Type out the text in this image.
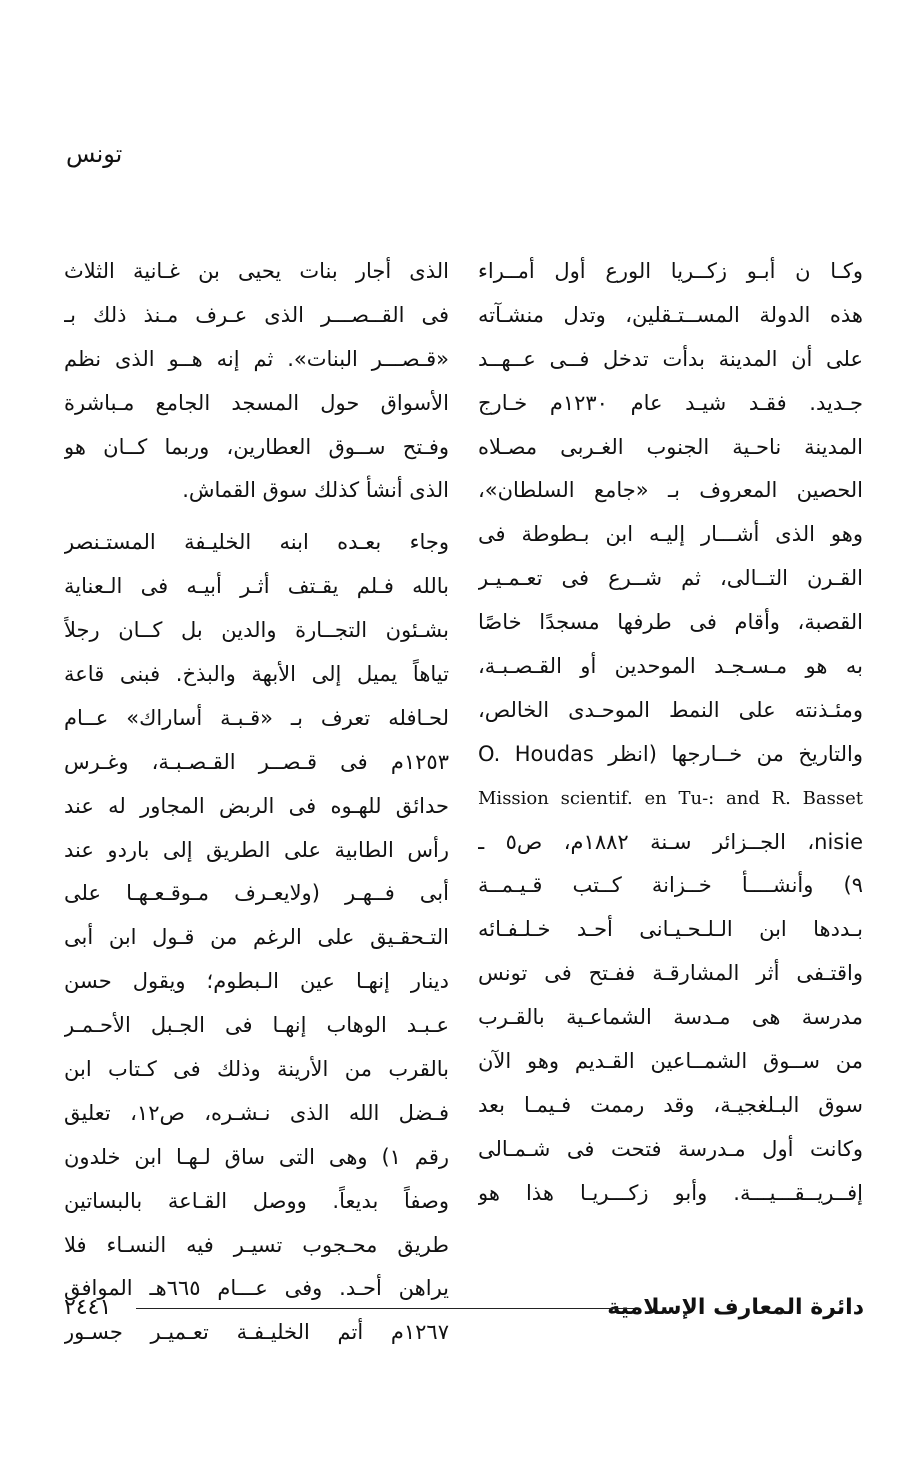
تونس
وكـا ن أبـو زكــريا الورع أول أمــراء
هذه الدولة المســتـقلين، وتدل منشـآته
على أن المدينة بدأت تدخل فــى عــهــد
جـديد. فقـد شيـد عام ١٢٣٠م خـارج
المدينة ناحـية الجنوب الغـربى مصـلاه
الحصين المعروف بـ «جامع السلطان»،
وهو الذى أشـــار إليـه ابن بـطوطة فى
القـرن التــالى، ثم شــرع فى تعـمـيـر
القصبة، وأقام فى طرفها مسجدًا خاصًا
به هو مـسـجـد الموحدين أو القـصـبـة،
ومئـذنته على النمط الموحـدى الخالص،
والتاريخ من خــارجها (انظر O. Houdas
Mission scientif. en Tu-: and R. Basset
nisie، الجــزائر سـنة ١٨٨٢م، ص٥ ـ
٩) وأنشــــأ خــزانة كــتب قـيـمــة
بـددها ابن الـلـحـيـانى أحـد خـلـفـائه
واقتـفى أثر المشارقـة ففـتح فى تونس
مدرسة هى مـدسة الشماعـية بالقـرب
من ســوق الشمــاعين القـديم وهو الآن
سوق البـلغجيـة، وقد رممت فـيمـا بعد
وكانت أول مـدرسة فتحت فى شـمـالى
إفــريــقـــيـــة. وأبو زكـــريـا هذا هو
الذى أجار بنات يحيى بن غـانية الثلاث
فى القــصـــر الذى عـرف مـنذ ذلك بـ
«قـصـــر البنات». ثم إنه هــو الذى نظم
الأسواق حول المسجد الجامع مـباشرة
وفـتح ســوق العطارين، وربما كــان هو
الذى أنشأ كذلك سوق القماش.
وجاء بعـده ابنه الخليـفة المستـنصر
بالله فـلم يقـتف أثـر أبيـه فى الـعناية
بشـئون التجــارة والدين بل كــان رجلاً
تياهاً يميل إلى الأبهة والبذخ. فبنى قاعة
لحـافله تعرف بـ «قـبـة أساراك» عــام
١٢٥٣م فى قـصــر القـصـبـة، وغـرس
حدائق للهـوه فى الربض المجاور له عند
رأس الطابية على الطريق إلى باردو عند
أبى فــهـر (ولايعـرف مـوقـعـهـا على
التـحقـيق على الرغم من قـول ابن أبى
دينار إنهـا عين الـبطوم؛ ويقول حسن
عـبـد الوهاب إنهـا فى الجـبل الأحـمـر
بالقرب من الأرينة وذلك فى كـتاب ابن
فـضل الله الذى نـشـره، ص١٢، تعليق
رقم ١) وهى التى ساق لـهـا ابن خلدون
وصفاً بديعاً. ووصل القـاعة بالبساتين
طريق محـجوب تسيـر فيه النسـاء فلا
يراهن أحـد. وفى عـــام ٦٦٥هـ الموافق
١٢٦٧م أتم الخليـفـة تعـميـر جسـور
دائرة المعارف الإسلامية
٢٤٤١
